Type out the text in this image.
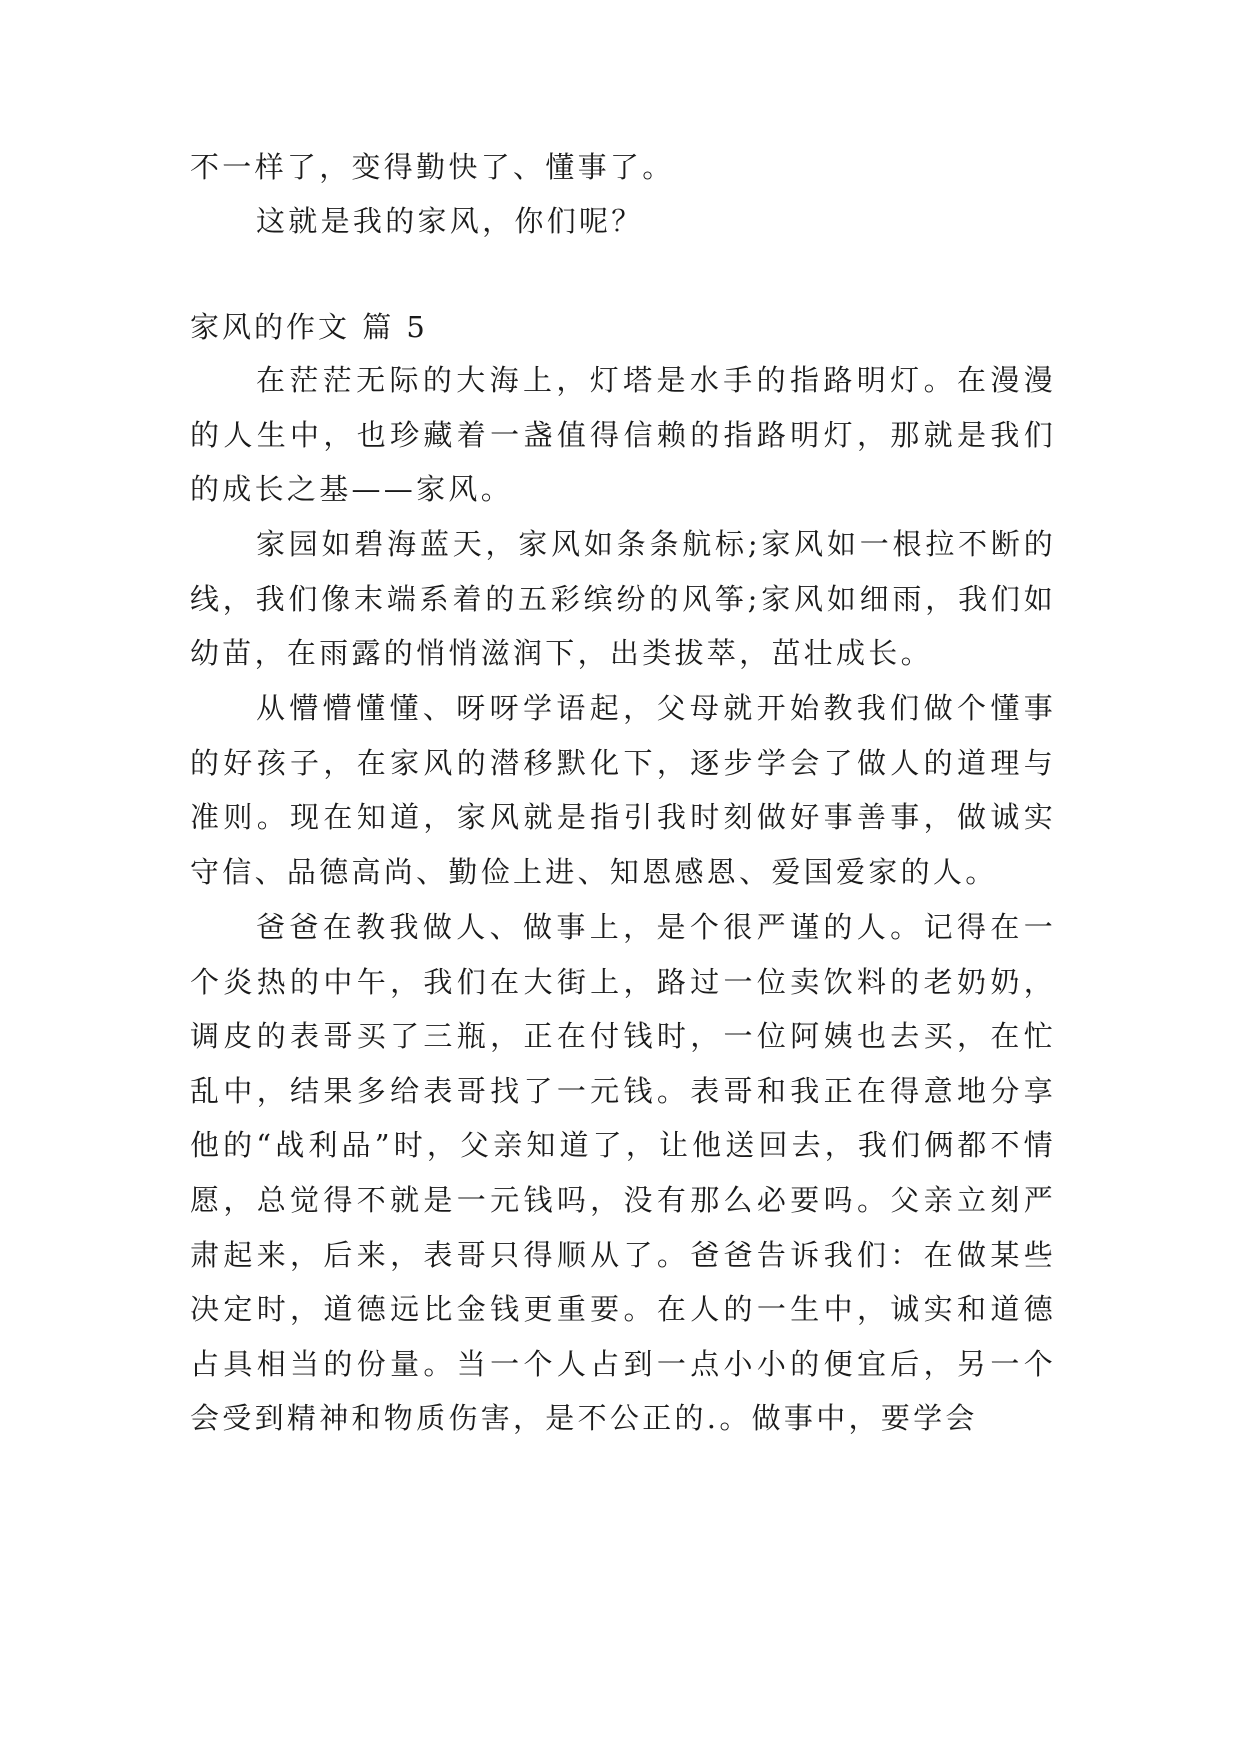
不一样了，变得勤快了、懂事了。

这就是我的家风，你们呢？

家风的作文 篇 5

在茫茫无际的大海上，灯塔是水手的指路明灯。在漫漫的人生中，也珍藏着一盏值得信赖的指路明灯，那就是我们的成长之基——家风。

家园如碧海蓝天，家风如条条航标;家风如一根拉不断的线，我们像末端系着的五彩缤纷的风筝;家风如细雨，我们如幼苗，在雨露的悄悄滋润下，出类拔萃，茁壮成长。

从懵懵懂懂、呀呀学语起，父母就开始教我们做个懂事的好孩子，在家风的潜移默化下，逐步学会了做人的道理与准则。现在知道，家风就是指引我时刻做好事善事，做诚实守信、品德高尚、勤俭上进、知恩感恩、爱国爱家的人。

爸爸在教我做人、做事上，是个很严谨的人。记得在一个炎热的中午，我们在大街上，路过一位卖饮料的老奶奶，调皮的表哥买了三瓶，正在付钱时，一位阿姨也去买，在忙乱中，结果多给表哥找了一元钱。表哥和我正在得意地分享他的“战利品”时，父亲知道了，让他送回去，我们俩都不情愿，总觉得不就是一元钱吗，没有那么必要吗。父亲立刻严肃起来，后来，表哥只得顺从了。爸爸告诉我们：在做某些决定时，道德远比金钱更重要。在人的一生中，诚实和道德占具相当的份量。当一个人占到一点小小的便宜后，另一个会受到精神和物质伤害，是不公正的.。做事中，要学会
